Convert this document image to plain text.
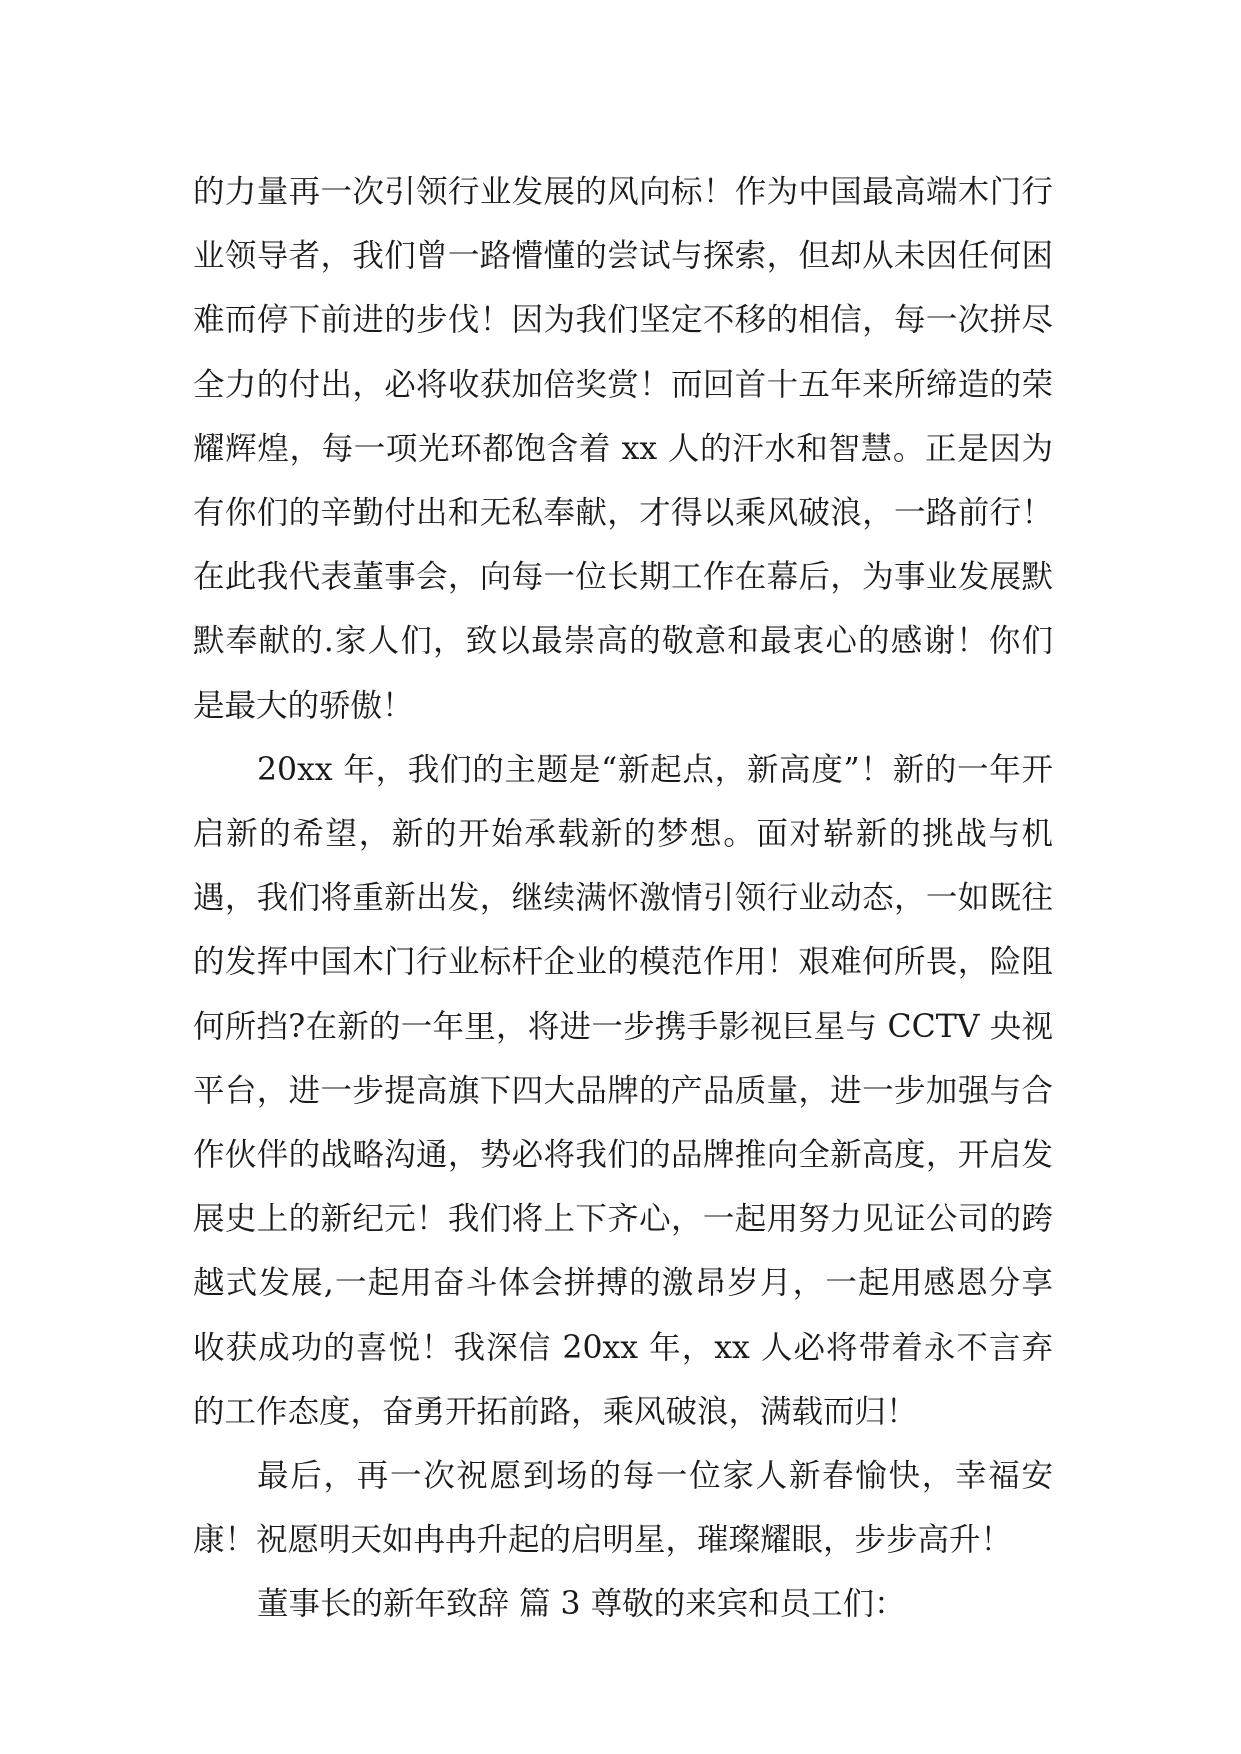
的力量再一次引领行业发展的风向标！作为中国最高端木门行业领导者，我们曾一路懵懂的尝试与探索，但却从未因任何困难而停下前进的步伐！因为我们坚定不移的相信，每一次拼尽全力的付出，必将收获加倍奖赏！而回首十五年来所缔造的荣耀辉煌，每一项光环都饱含着 xx 人的汗水和智慧。正是因为有你们的辛勤付出和无私奉献，才得以乘风破浪，一路前行！在此我代表董事会，向每一位长期工作在幕后，为事业发展默默奉献的.家人们，致以最崇高的敬意和最衷心的感谢！你们是最大的骄傲！

20xx 年，我们的主题是“新起点，新高度”！新的一年开启新的希望，新的开始承载新的梦想。面对崭新的挑战与机遇，我们将重新出发，继续满怀激情引领行业动态，一如既往的发挥中国木门行业标杆企业的模范作用！艰难何所畏，险阻何所挡?在新的一年里，将进一步携手影视巨星与 CCTV 央视平台，进一步提高旗下四大品牌的产品质量，进一步加强与合作伙伴的战略沟通，势必将我们的品牌推向全新高度，开启发展史上的新纪元！我们将上下齐心，一起用努力见证公司的跨越式发展,一起用奋斗体会拼搏的激昂岁月，一起用感恩分享收获成功的喜悦！我深信 20xx 年，xx 人必将带着永不言弃的工作态度，奋勇开拓前路，乘风破浪，满载而归！

最后，再一次祝愿到场的每一位家人新春愉快，幸福安康！祝愿明天如冉冉升起的启明星，璀璨耀眼，步步高升！

董事长的新年致辞 篇 3 尊敬的来宾和员工们：
